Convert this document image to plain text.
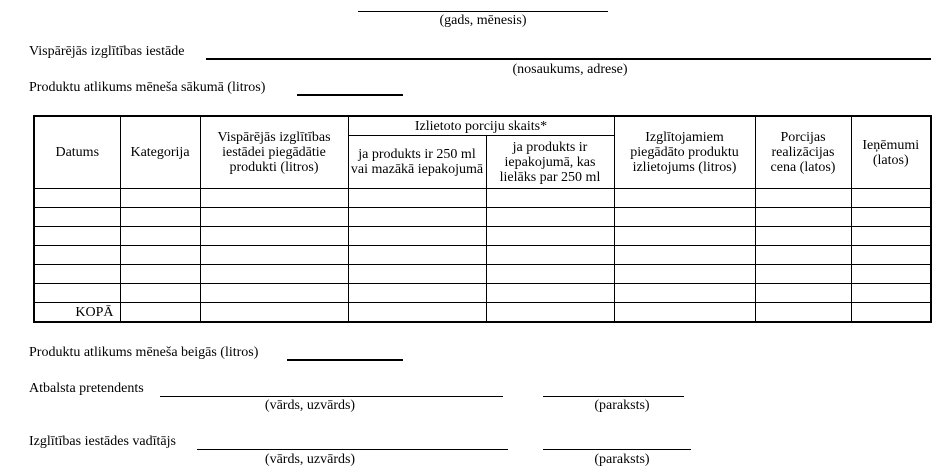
(gads, mēnesis)
Vispārējās izglītības iestāde
(nosaukums, adrese)
Produktu atlikums mēneša sākumā (litros)
Datums	Kategorija	Vispārējās izglītības iestādei piegādātie produkti (litros)	Izlietoto porciju skaits*		Izglītojamiem piegādāto produktu izlietojums (litros)	Porcijas realizācijas cena (latos)	Ieņēmumi (latos)
			ja produkts ir 250 ml vai mazākā iepakojumā	ja produkts ir iepakojumā, kas lielāks par 250 ml			

KOPĀ							
Produktu atlikums mēneša beigās (litros)
Atbalsta pretendents
(vārds, uzvārds)	(paraksts)
Izglītības iestādes vadītājs
(vārds, uzvārds)	(paraksts)
